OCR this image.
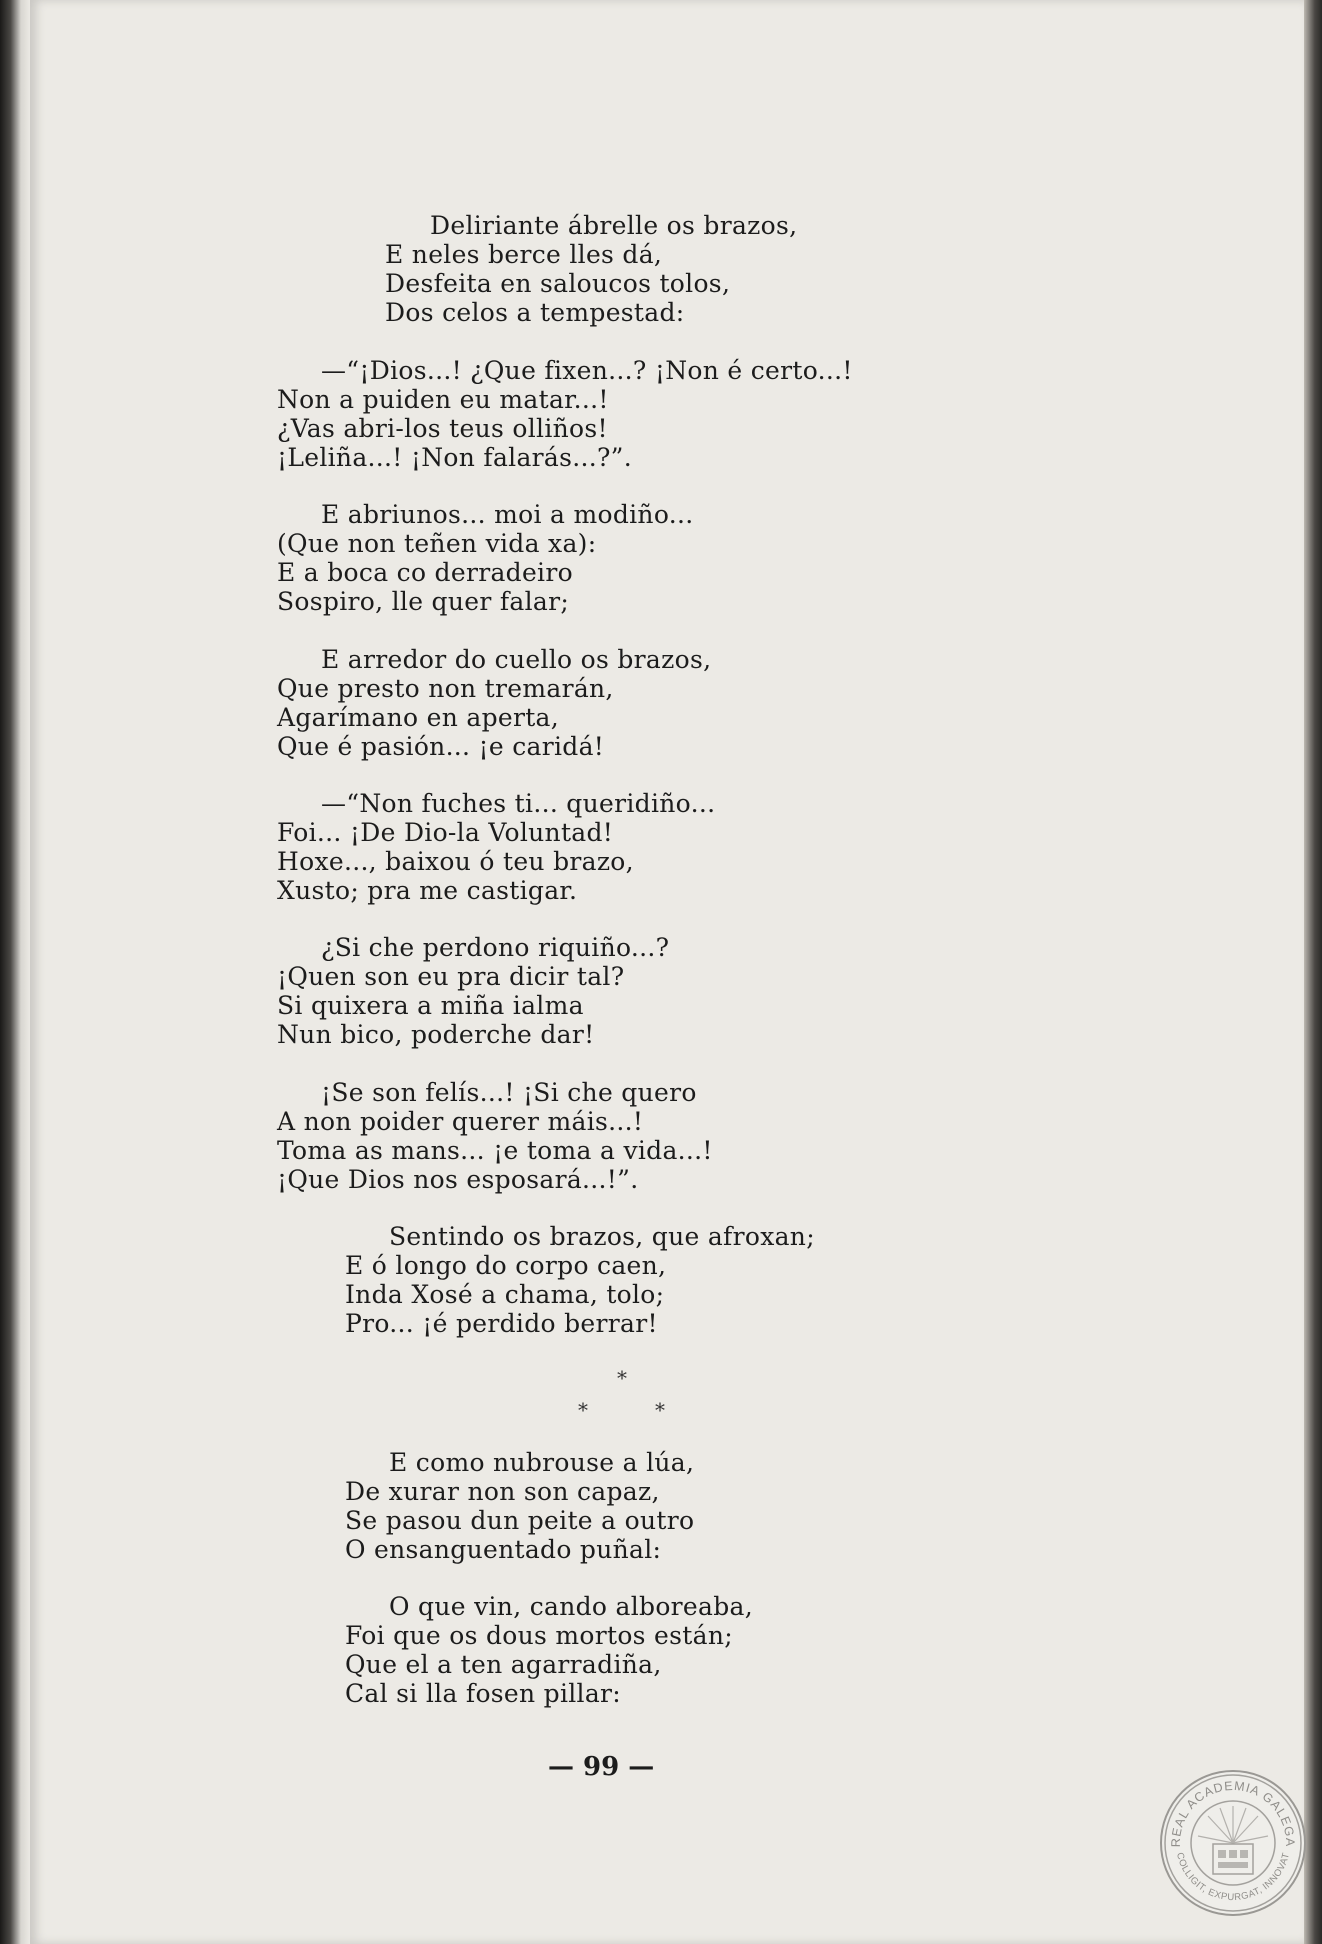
Deliriante ábrelle os brazos,
E neles berce lles dá,
Desfeita en saloucos tolos,
Dos celos a tempestad:
—“¡Dios...! ¿Que fixen...? ¡Non é certo...!
Non a puiden eu matar...!
¿Vas abri-los teus olliños!
¡Leliña...! ¡Non falarás...?”.
E abriunos... moi a modiño...
(Que non teñen vida xa):
E a boca co derradeiro
Sospiro, lle quer falar;
E arredor do cuello os brazos,
Que presto non tremarán,
Agarímano en aperta,
Que é pasión... ¡e caridá!
—“Non fuches ti... queridiño...
Foi... ¡De Dio-la Voluntad!
Hoxe..., baixou ó teu brazo,
Xusto; pra me castigar.
¿Si che perdono riquiño...?
¡Quen son eu pra dicir tal?
Si quixera a miña ialma
Nun bico, poderche dar!
¡Se son felís...! ¡Si che quero
A non poider querer máis...!
Toma as mans... ¡e toma a vida...!
¡Que Dios nos esposará...!”.
Sentindo os brazos, que afroxan;
E ó longo do corpo caen,
Inda Xosé a chama, tolo;
Pro... ¡é perdido berrar!
*
*	*
E como nubrouse a lúa,
De xurar non son capaz,
Se pasou dun peite a outro
O ensanguentado puñal:
O que vin, cando alboreaba,
Foi que os dous mortos están;
Que el a ten agarradiña,
Cal si lla fosen pillar:
— 99 —
REAL ACADEMIA GALEGA
COLLIGIT, EXPURGAT, INNOVAT
